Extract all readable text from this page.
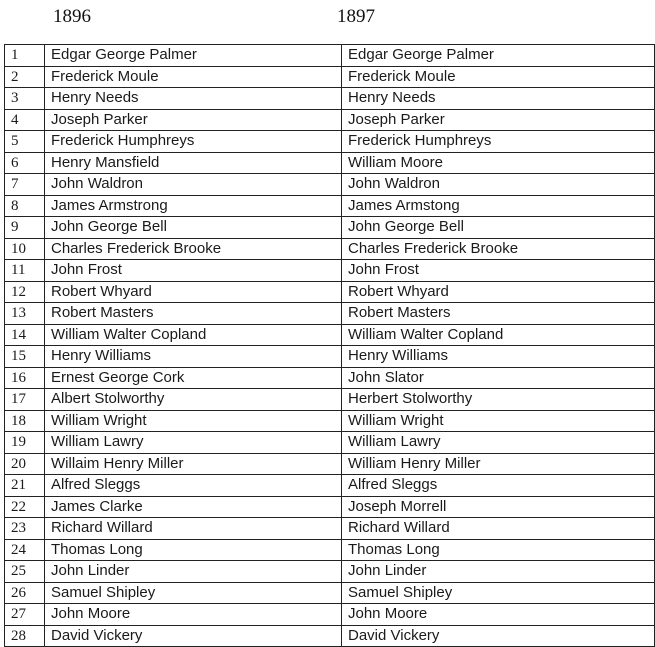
1896	1897
1	Edgar George Palmer	Edgar George Palmer
2	Frederick Moule	Frederick Moule
3	Henry Needs	Henry Needs
4	Joseph Parker	Joseph Parker
5	Frederick Humphreys	Frederick Humphreys
6	Henry Mansfield	William Moore
7	John Waldron	John Waldron
8	James Armstrong	James Armstong
9	John George Bell	John George Bell
10	Charles Frederick Brooke	Charles Frederick Brooke
11	John Frost	John Frost
12	Robert Whyard	Robert Whyard
13	Robert Masters	Robert Masters
14	William Walter Copland	William Walter Copland
15	Henry Williams	Henry Williams
16	Ernest George Cork	John Slator
17	Albert Stolworthy	Herbert Stolworthy
18	William Wright	William Wright
19	William Lawry	William Lawry
20	Willaim Henry Miller	William Henry Miller
21	Alfred Sleggs	Alfred Sleggs
22	James Clarke	Joseph Morrell
23	Richard Willard	Richard Willard
24	Thomas Long	Thomas Long
25	John Linder	John Linder
26	Samuel Shipley	Samuel Shipley
27	John Moore	John Moore
28	David Vickery	David Vickery
